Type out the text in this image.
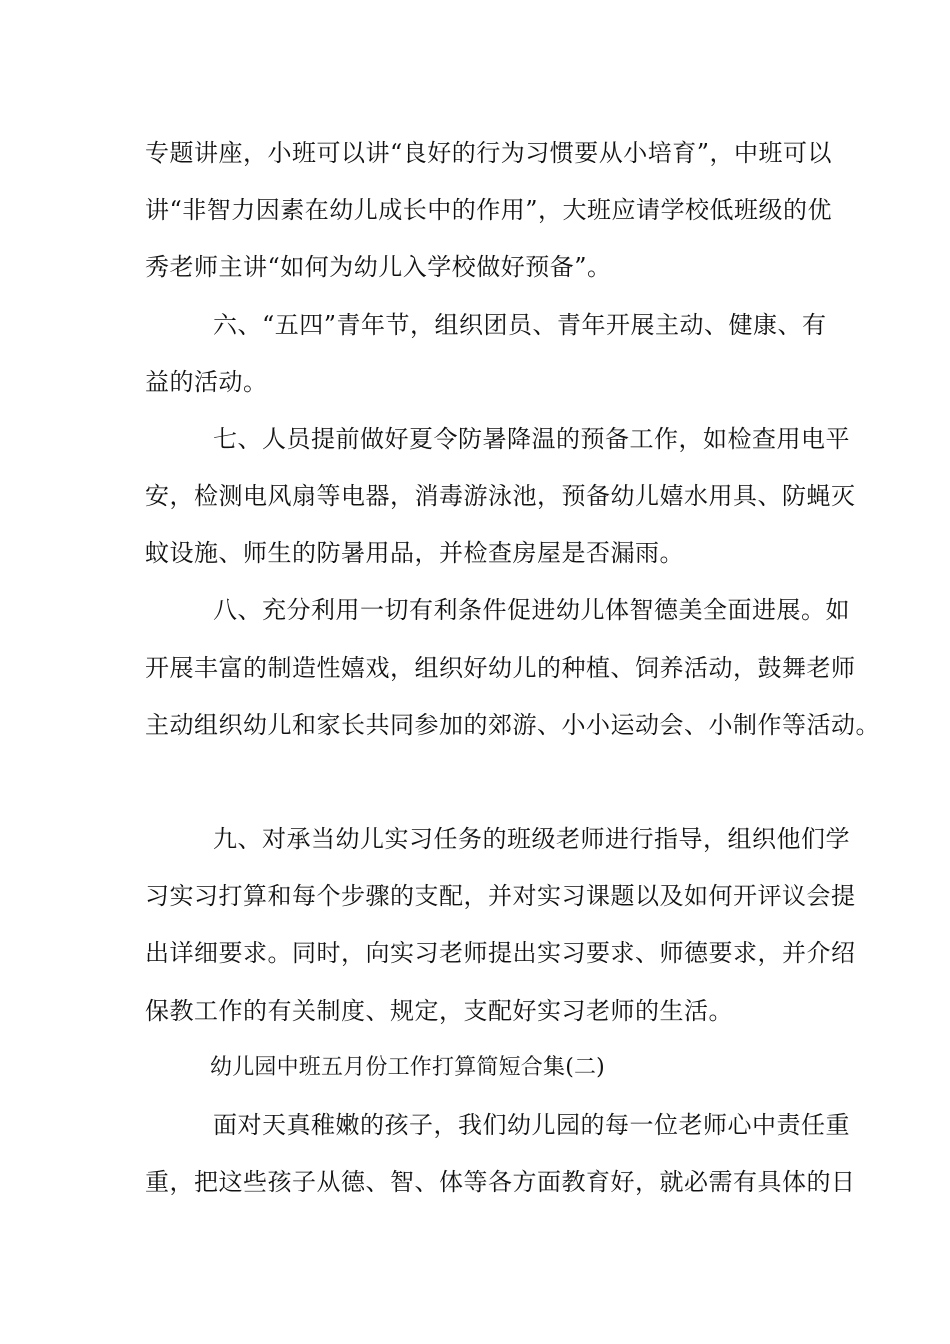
专题讲座，小班可以讲“良好的行为习惯要从小培育”，中班可以
讲“非智力因素在幼儿成长中的作用”，大班应请学校低班级的优
秀老师主讲“如何为幼儿入学校做好预备”。
六、“五四”青年节，组织团员、青年开展主动、健康、有
益的活动。
七、人员提前做好夏令防暑降温的预备工作，如检查用电平
安，检测电风扇等电器，消毒游泳池，预备幼儿嬉水用具、防蝇灭
蚊设施、师生的防暑用品，并检查房屋是否漏雨。
八、充分利用一切有利条件促进幼儿体智德美全面进展。如
开展丰富的制造性嬉戏，组织好幼儿的种植、饲养活动，鼓舞老师
主动组织幼儿和家长共同参加的郊游、小小运动会、小制作等活动。
九、对承当幼儿实习任务的班级老师进行指导，组织他们学
习实习打算和每个步骤的支配，并对实习课题以及如何开评议会提
出详细要求。同时，向实习老师提出实习要求、师德要求，并介绍
保教工作的有关制度、规定，支配好实习老师的生活。
幼儿园中班五月份工作打算简短合集(二)
面对天真稚嫩的孩子，我们幼儿园的每一位老师心中责任重
重，把这些孩子从德、智、体等各方面教育好，就必需有具体的日
